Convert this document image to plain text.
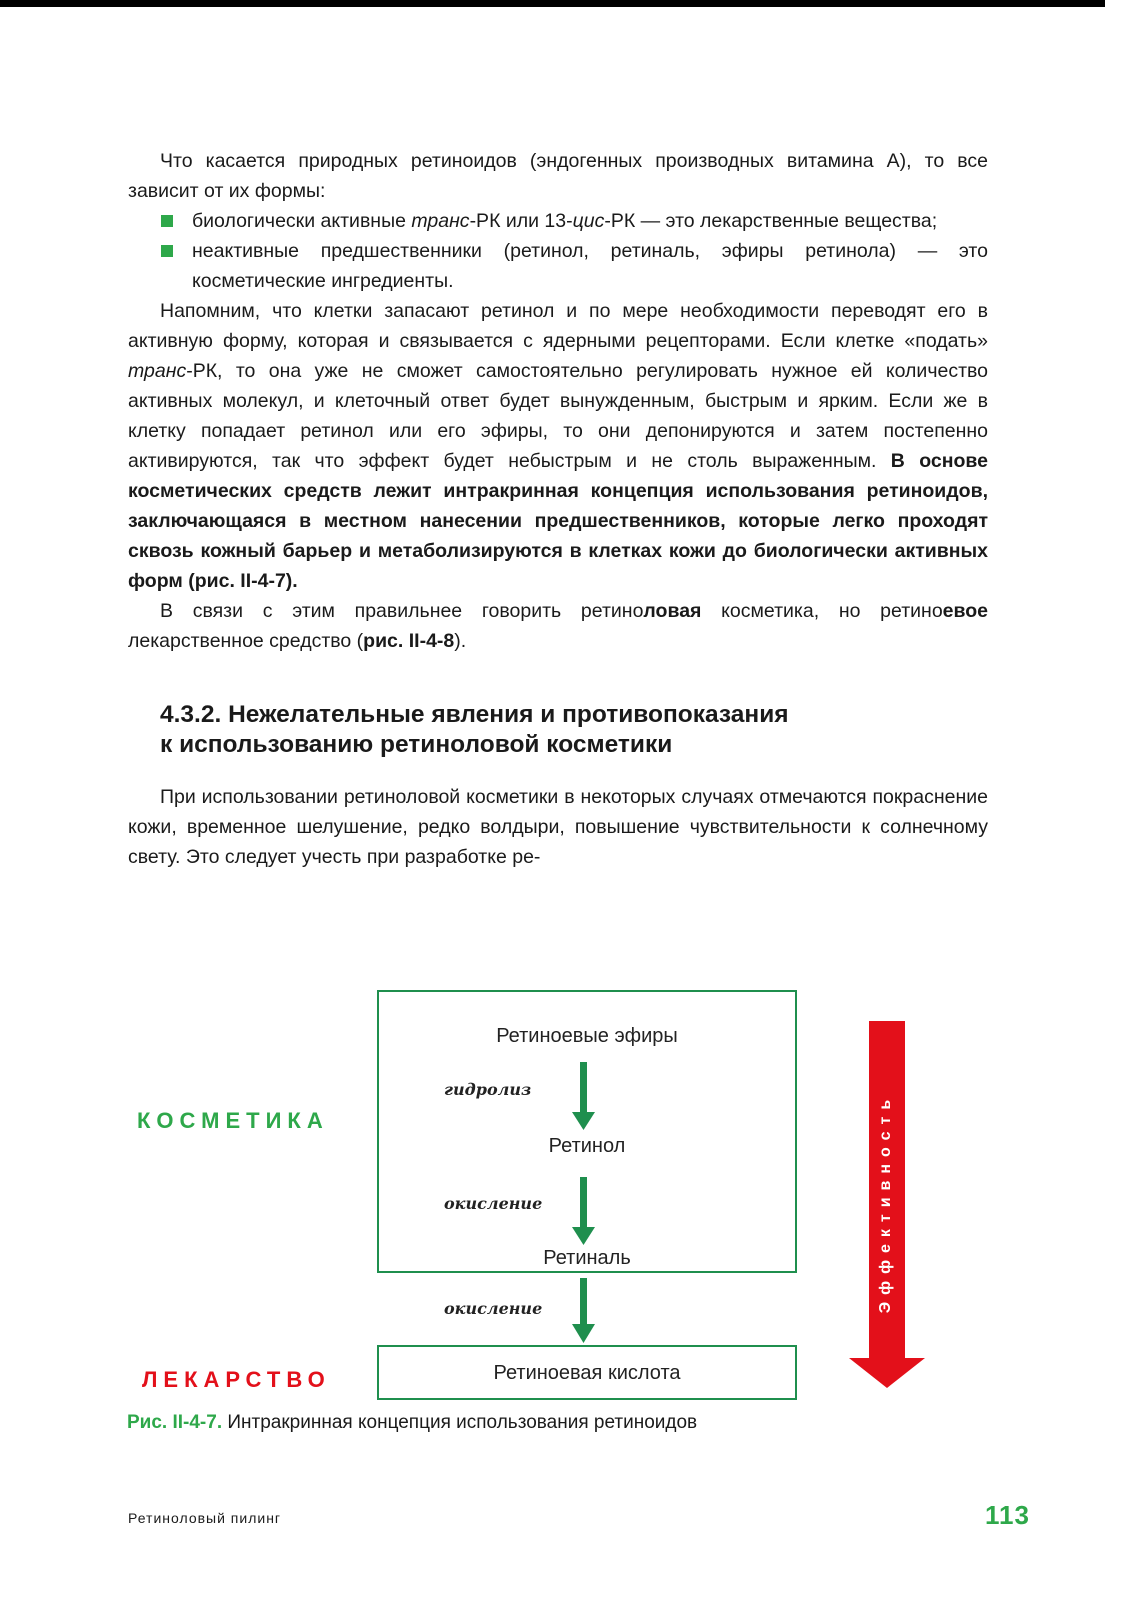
Что касается природных ретиноидов (эндогенных производных витамина А), то все зависит от их формы:

биологически активные транс-РК или 13-цис-РК — это лекарственные вещества;
неактивные предшественники (ретинол, ретиналь, эфиры ретинола) — это косметические ингредиенты.

Напомним, что клетки запасают ретинол и по мере необходимости переводят его в активную форму, которая и связывается с ядерными рецепторами. Если клетке «подать» транс-РК, то она уже не сможет самостоятельно регулировать нужное ей количество активных молекул, и клеточный ответ будет вынужденным, быстрым и ярким. Если же в клетку попадает ретинол или его эфиры, то они депонируются и затем постепенно активируются, так что эффект будет небыстрым и не столь выраженным. В основе косметических средств лежит интракринная концепция использования ретиноидов, заключающаяся в местном нанесении предшественников, которые легко проходят сквозь кожный барьер и метаболизируются в клетках кожи до биологически активных форм (рис. II-4-7).

В связи с этим правильнее говорить ретиноловая косметика, но ретиноевое лекарственное средство (рис. II-4-8).

4.3.2. Нежелательные явления и противопоказания
к использованию ретиноловой косметики

При использовании ретиноловой косметики в некоторых случаях отмечаются покраснение кожи, временное шелушение, редко волдыри, повышение чувствительности к солнечному свету. Это следует учесть при разработке ре-

Ретиноевые эфиры
Ретинол
Ретиналь
Ретиноевая кислота
гидролиз
окисление
окисление
КОСМЕТИКА
ЛЕКАРСТВО
Эффективность
Рис. II-4-7. Интракринная концепция использования ретиноидов
Ретиноловый пилинг	113
